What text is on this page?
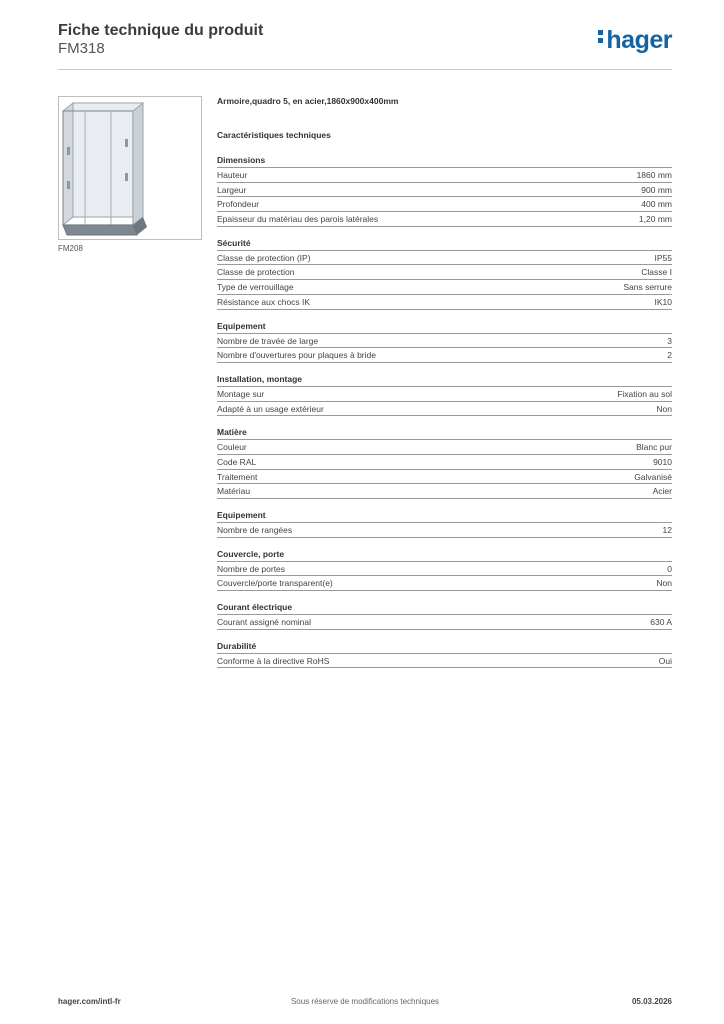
Fiche technique du produit
FM318	hager
FM208
Armoire,quadro 5, en acier,1860x900x400mm
Caractéristiques techniques
Dimensions
Hauteur	1860 mm
Largeur	900 mm
Profondeur	400 mm
Epaisseur du matériau des parois latérales	1,20 mm
Sécurité
Classe de protection (IP)	IP55
Classe de protection	Classe I
Type de verrouillage	Sans serrure
Résistance aux chocs IK	IK10
Equipement
Nombre de travée de large	3
Nombre d'ouvertures pour plaques à bride	2
Installation, montage
Montage sur	Fixation au sol
Adapté à un usage extérieur	Non
Matière
Couleur	Blanc pur
Code RAL	9010
Traitement	Galvanisé
Matériau	Acier
Equipement
Nombre de rangées	12
Couvercle, porte
Nombre de portes	0
Couvercle/porte transparent(e)	Non
Courant électrique
Courant assigné nominal	630 A
Durabilité
Conforme à la directive RoHS	Oui
hager.com/intl-fr	Sous réserve de modifications techniques	05.03.2026
